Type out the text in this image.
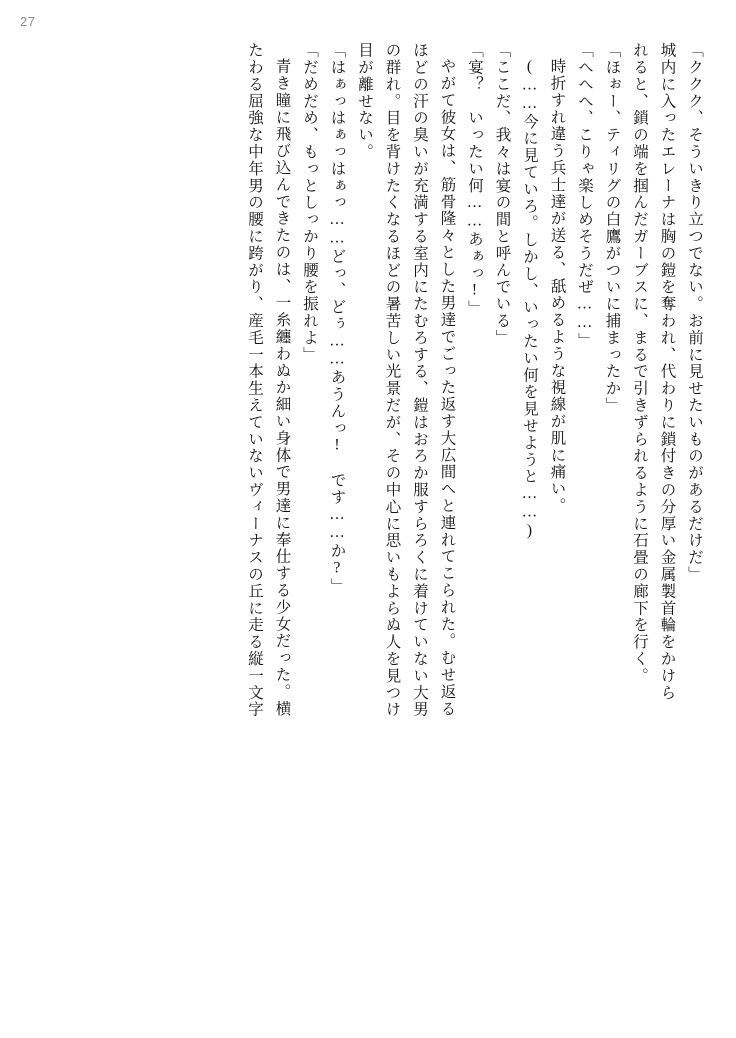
27
「ククク、そういきり立つでない。お前に見せたいものがあるだけだ」
城内に入ったエレーナは胸の鎧を奪われ、代わりに鎖付きの分厚い金属製首輪をかけら
れると、鎖の端を掴んだガーブスに、まるで引きずられるように石畳の廊下を行く。
「ほぉー、ティリグの白鷹がついに捕まったか」
「へへへ、こりゃ楽しめそうだぜ……」
時折すれ違う兵士達が送る、舐めるような視線が肌に痛い。
(……今に見ていろ。しかし、いったい何を見せようと……)
「ここだ、我々は宴の間と呼んでいる」
「宴？　いったい何……あぁっ!」
やがて彼女は、筋骨隆々とした男達でごった返す大広間へと連れてこられた。むせ返る
ほどの汗の臭いが充満する室内にたむろする、鎧はおろか服すらろくに着けていない大男
の群れ。目を背けたくなるほどの暑苦しい光景だが、その中心に思いもよらぬ人を見つけ
目が離せない。
「はぁっはぁっはぁっ……どっ、どぅ……あうんっ!　です……か?」
「だめだめ、もっとしっかり腰を振れよ」
青き瞳に飛び込んできたのは、一糸纏わぬか細い身体で男達に奉仕する少女だった。横
たわる屈強な中年男の腰に跨がり、産毛一本生えていないヴィーナスの丘に走る縦一文字
